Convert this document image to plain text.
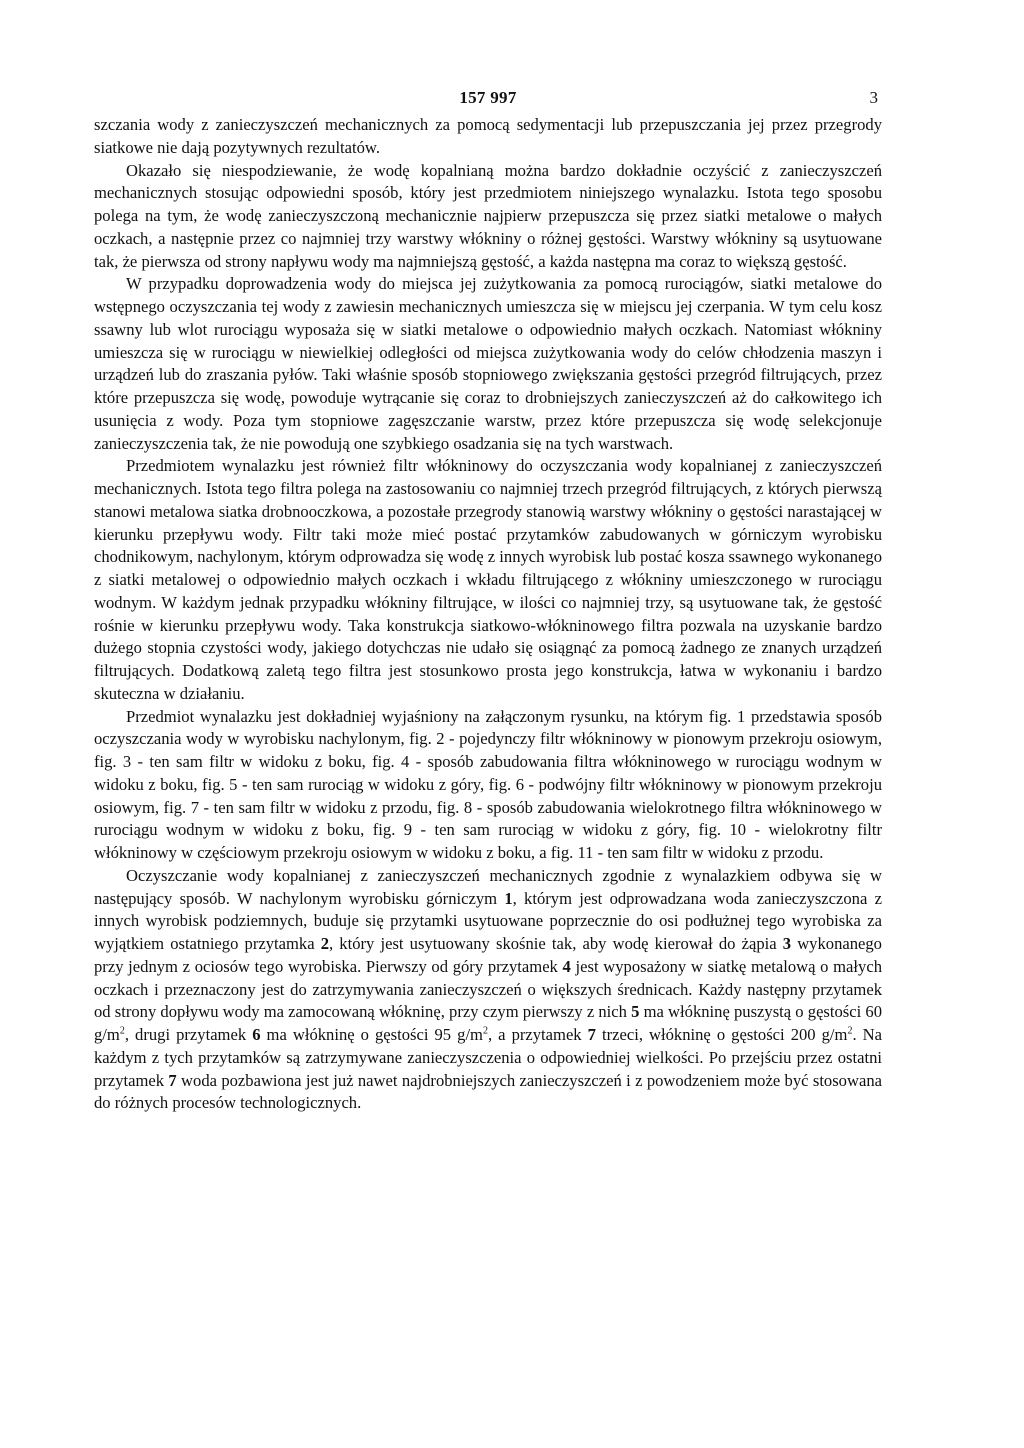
157 997	3

szczania wody z zanieczyszczeń mechanicznych za pomocą sedymentacji lub przepuszczania jej przez przegrody siatkowe nie dają pozytywnych rezultatów.

Okazało się niespodziewanie, że wodę kopalnianą można bardzo dokładnie oczyścić z zanieczyszczeń mechanicznych stosując odpowiedni sposób, który jest przedmiotem niniejszego wynalazku. Istota tego sposobu polega na tym, że wodę zanieczyszczoną mechanicznie najpierw przepuszcza się przez siatki metalowe o małych oczkach, a następnie przez co najmniej trzy warstwy włókniny o różnej gęstości. Warstwy włókniny są usytuowane tak, że pierwsza od strony napływu wody ma najmniejszą gęstość, a każda następna ma coraz to większą gęstość.

W przypadku doprowadzenia wody do miejsca jej zużytkowania za pomocą rurociągów, siatki metalowe do wstępnego oczyszczania tej wody z zawiesin mechanicznych umieszcza się w miejscu jej czerpania. W tym celu kosz ssawny lub wlot rurociągu wyposaża się w siatki metalowe o odpowiednio małych oczkach. Natomiast włókniny umieszcza się w rurociągu w niewielkiej odległości od miejsca zużytkowania wody do celów chłodzenia maszyn i urządzeń lub do zraszania pyłów. Taki właśnie sposób stopniowego zwiększania gęstości przegród filtrujących, przez które przepuszcza się wodę, powoduje wytrącanie się coraz to drobniejszych zanieczyszczeń aż do całkowitego ich usunięcia z wody. Poza tym stopniowe zagęszczanie warstw, przez które przepuszcza się wodę selekcjonuje zanieczyszczenia tak, że nie powodują one szybkiego osadzania się na tych warstwach.

Przedmiotem wynalazku jest również filtr włókninowy do oczyszczania wody kopalnianej z zanieczyszczeń mechanicznych. Istota tego filtra polega na zastosowaniu co najmniej trzech przegród filtrujących, z których pierwszą stanowi metalowa siatka drobnooczkowa, a pozostałe przegrody stanowią warstwy włókniny o gęstości narastającej w kierunku przepływu wody. Filtr taki może mieć postać przytamków zabudowanych w górniczym wyrobisku chodnikowym, nachylonym, którym odprowadza się wodę z innych wyrobisk lub postać kosza ssawnego wykonanego z siatki metalowej o odpowiednio małych oczkach i wkładu filtrującego z włókniny umieszczonego w rurociągu wodnym. W każdym jednak przypadku włókniny filtrujące, w ilości co najmniej trzy, są usytuowane tak, że gęstość rośnie w kierunku przepływu wody. Taka konstrukcja siatkowo-włókninowego filtra pozwala na uzyskanie bardzo dużego stopnia czystości wody, jakiego dotychczas nie udało się osiągnąć za pomocą żadnego ze znanych urządzeń filtrujących. Dodatkową zaletą tego filtra jest stosunkowo prosta jego konstrukcja, łatwa w wykonaniu i bardzo skuteczna w działaniu.

Przedmiot wynalazku jest dokładniej wyjaśniony na załączonym rysunku, na którym fig. 1 przedstawia sposób oczyszczania wody w wyrobisku nachylonym, fig. 2 - pojedynczy filtr włókninowy w pionowym przekroju osiowym, fig. 3 - ten sam filtr w widoku z boku, fig. 4 - sposób zabudowania filtra włókninowego w rurociągu wodnym w widoku z boku, fig. 5 - ten sam rurociąg w widoku z góry, fig. 6 - podwójny filtr włókninowy w pionowym przekroju osiowym, fig. 7 - ten sam filtr w widoku z przodu, fig. 8 - sposób zabudowania wielokrotnego filtra włókninowego w rurociągu wodnym w widoku z boku, fig. 9 - ten sam rurociąg w widoku z góry, fig. 10 - wielokrotny filtr włókninowy w częściowym przekroju osiowym w widoku z boku, a fig. 11 - ten sam filtr w widoku z przodu.

Oczyszczanie wody kopalnianej z zanieczyszczeń mechanicznych zgodnie z wynalazkiem odbywa się w następujący sposób. W nachylonym wyrobisku górniczym 1, którym jest odprowadzana woda zanieczyszczona z innych wyrobisk podziemnych, buduje się przytamki usytuowane poprzecznie do osi podłużnej tego wyrobiska za wyjątkiem ostatniego przytamka 2, który jest usytuowany skośnie tak, aby wodę kierował do żąpia 3 wykonanego przy jednym z ociosów tego wyrobiska. Pierwszy od góry przytamek 4 jest wyposażony w siatkę metalową o małych oczkach i przeznaczony jest do zatrzymywania zanieczyszczeń o większych średnicach. Każdy następny przytamek od strony dopływu wody ma zamocowaną włókninę, przy czym pierwszy z nich 5 ma włókninę puszystą o gęstości 60 $g/m^2$, drugi przytamek 6 ma włókninę o gęstości 95 $g/m^2$, a przytamek 7 trzeci, włókninę o gęstości 200 $g/m^2$. Na każdym z tych przytamków są zatrzymywane zanieczyszczenia o odpowiedniej wielkości. Po przejściu przez ostatni przytamek 7 woda pozbawiona jest już nawet najdrobniejszych zanieczyszczeń i z powodzeniem może być stosowana do różnych procesów technologicznych.
